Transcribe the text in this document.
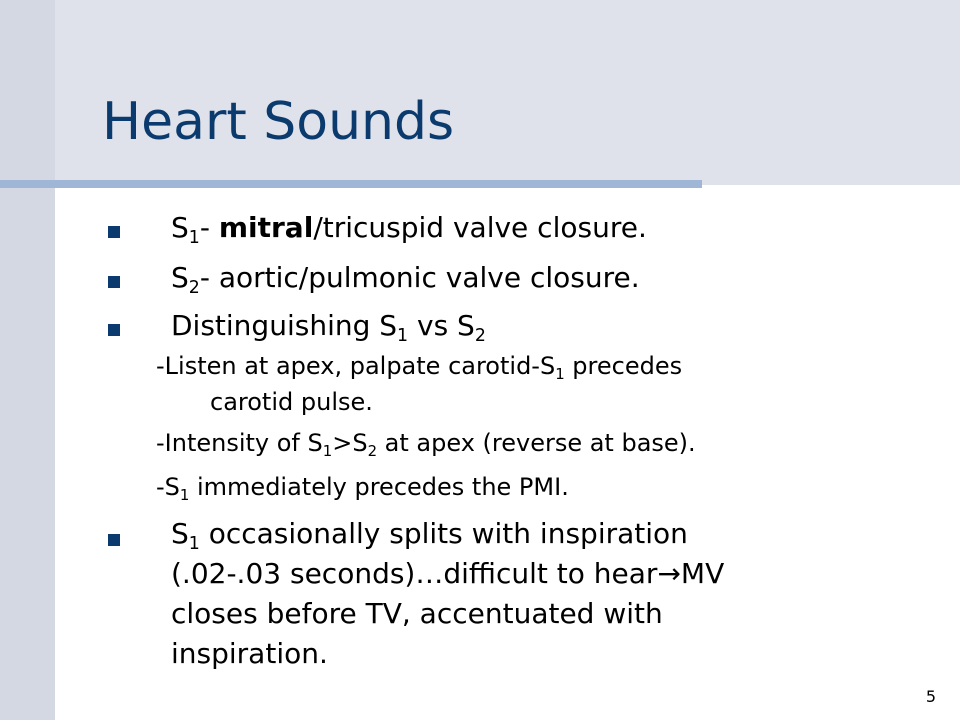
Heart Sounds
$S_1-$ mitral/tricuspid valve closure.
$S_2-$ aortic/pulmonic valve closure.
Distinguishing $S_1$ vs $S_2$
-Listen at apex, palpate carotid-$S_1$ precedes
carotid pulse.
-Intensity of $S_1>S_2$ at apex (reverse at base).
$-S_1$ immediately precedes the PMI.
$S_1$ occasionally splits with inspiration
(.02-.03 seconds)…difficult to hear→MV
closes before TV, accentuated with
inspiration.
5
